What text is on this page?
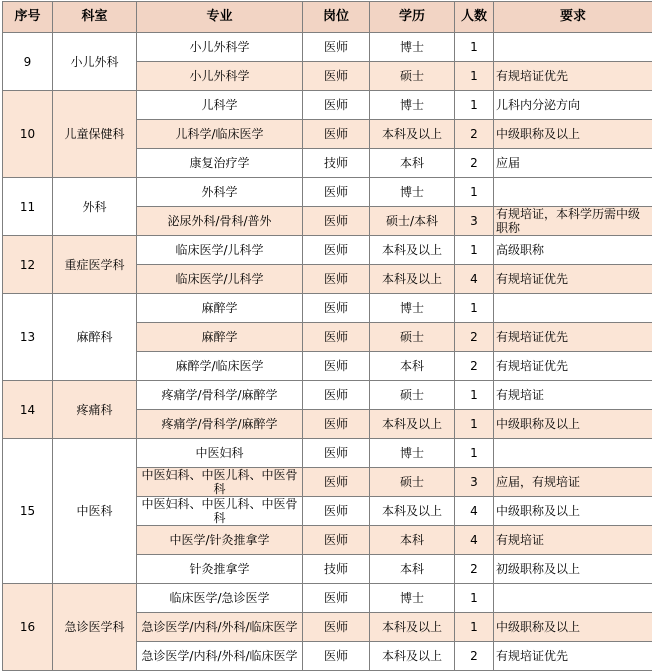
序号	科室	专业	岗位	学历	人数	要求
9	小儿外科	小儿外科学	医师	博士	1	
		小儿外科学	医师	硕士	1	有规培证优先
10	儿童保健科	儿科学	医师	博士	1	儿科内分泌方向
		儿科学/临床医学	医师	本科及以上	2	中级职称及以上
		康复治疗学	技师	本科	2	应届
11	外科	外科学	医师	博士	1	
		泌尿外科/骨科/普外	医师	硕士/本科	3	有规培证，本科学历需中级职称
12	重症医学科	临床医学/儿科学	医师	本科及以上	1	高级职称
		临床医学/儿科学	医师	本科及以上	4	有规培证优先
13	麻醉科	麻醉学	医师	博士	1	
		麻醉学	医师	硕士	2	有规培证优先
		麻醉学/临床医学	医师	本科	2	有规培证优先
14	疼痛科	疼痛学/骨科学/麻醉学	医师	硕士	1	有规培证
		疼痛学/骨科学/麻醉学	医师	本科及以上	1	中级职称及以上
15	中医科	中医妇科	医师	博士	1	
		中医妇科、中医儿科、中医骨科	医师	硕士	3	应届，有规培证
		中医妇科、中医儿科、中医骨科	医师	本科及以上	4	中级职称及以上
		中医学/针灸推拿学	医师	本科	4	有规培证
		针灸推拿学	技师	本科	2	初级职称及以上
16	急诊医学科	临床医学/急诊医学	医师	博士	1	
		急诊医学/内科/外科/临床医学	医师	本科及以上	1	中级职称及以上
		急诊医学/内科/外科/临床医学	医师	本科及以上	2	有规培证优先
